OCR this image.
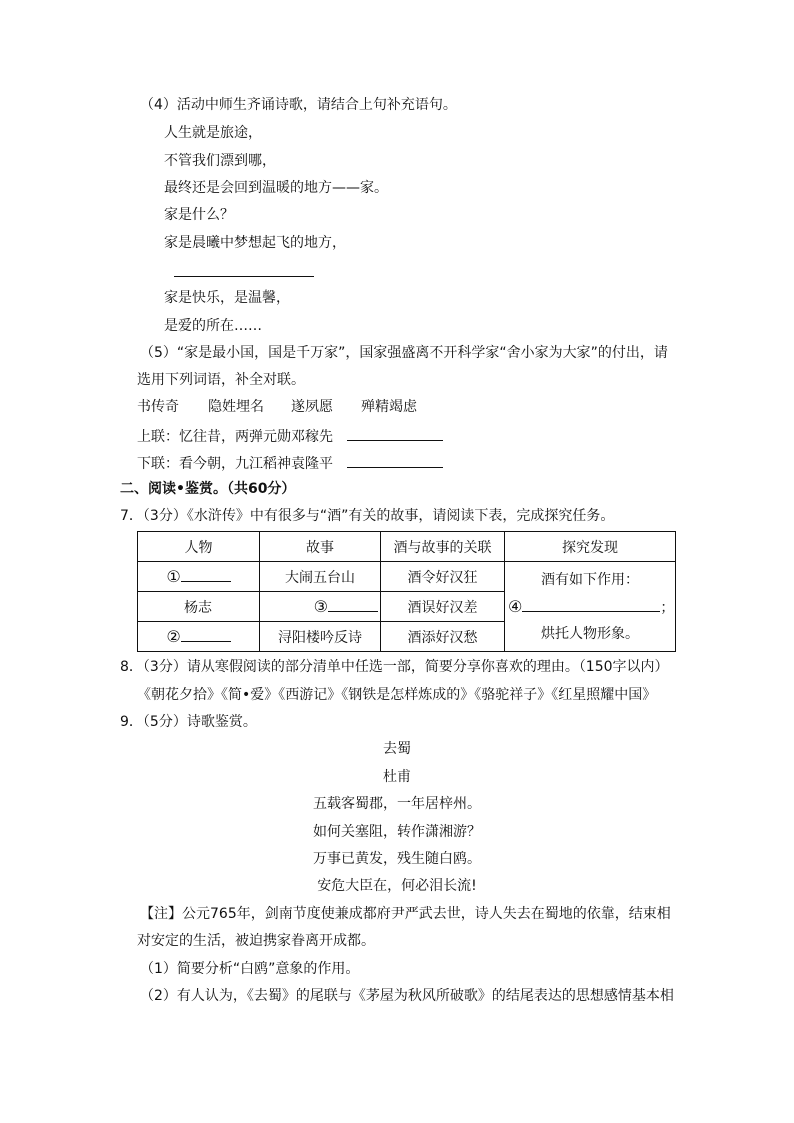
（4）活动中师生齐诵诗歌，请结合上句补充语句。
人生就是旅途，
不管我们漂到哪，
最终还是会回到温暖的地方——家。
家是什么？
家是晨曦中梦想起飞的地方，
家是快乐，是温馨，
是爱的所在……
（5）“家是最小国，国是千万家”，国家强盛离不开科学家“舍小家为大家”的付出，请
选用下列词语，补全对联。
书传奇 隐姓埋名 遂夙愿 殚精竭虑
上联：忆往昔，两弹元勋邓稼先
下联：看今朝，九江稻神袁隆平
二、阅读•鉴赏。（共60分）
7．（3分）《水浒传》中有很多与“酒”有关的故事，请阅读下表，完成探究任务。
人物	故事	酒与故事的关联	探究发现
①	大闹五台山	酒令好汉狂	酒有如下作用：
④ ；
烘托人物形象。

杨志	③	酒误好汉差	
②	浔阳楼吟反诗	酒添好汉愁	
8．（3分）请从寒假阅读的部分清单中任选一部，简要分享你喜欢的理由。（150字以内）
《朝花夕拾》《简•爱》《西游记》《钢铁是怎样炼成的》《骆驼祥子》《红星照耀中国》
9．（5分）诗歌鉴赏。
去蜀
杜甫
五载客蜀郡，一年居梓州。
如何关塞阻，转作潇湘游？
万事已黄发，残生随白鸥。
安危大臣在，何必泪长流!
【注】公元765年，剑南节度使兼成都府尹严武去世，诗人失去在蜀地的依靠，结束相
对安定的生活，被迫携家眷离开成都。
（1）简要分析“白鸥”意象的作用。
（2）有人认为，《去蜀》的尾联与《茅屋为秋风所破歌》的结尾表达的思想感情基本相
